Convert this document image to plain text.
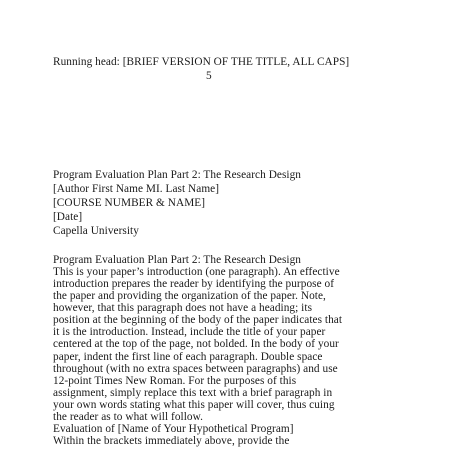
Running head: [BRIEF VERSION OF THE TITLE, ALL CAPS]
5
Program Evaluation Plan Part 2: The Research Design
[Author First Name MI. Last Name]
[COURSE NUMBER & NAME]
[Date]
Capella University
Program Evaluation Plan Part 2: The Research Design
This is your paper’s introduction (one paragraph). An effective
introduction prepares the reader by identifying the purpose of
the paper and providing the organization of the paper. Note,
however, that this paragraph does not have a heading; its
position at the beginning of the body of the paper indicates that
it is the introduction. Instead, include the title of your paper
centered at the top of the page, not bolded. In the body of your
paper, indent the first line of each paragraph. Double space
throughout (with no extra spaces between paragraphs) and use
12-point Times New Roman. For the purposes of this
assignment, simply replace this text with a brief paragraph in
your own words stating what this paper will cover, thus cuing
the reader as to what will follow.
Evaluation of [Name of Your Hypothetical Program]
Within the brackets immediately above, provide the
